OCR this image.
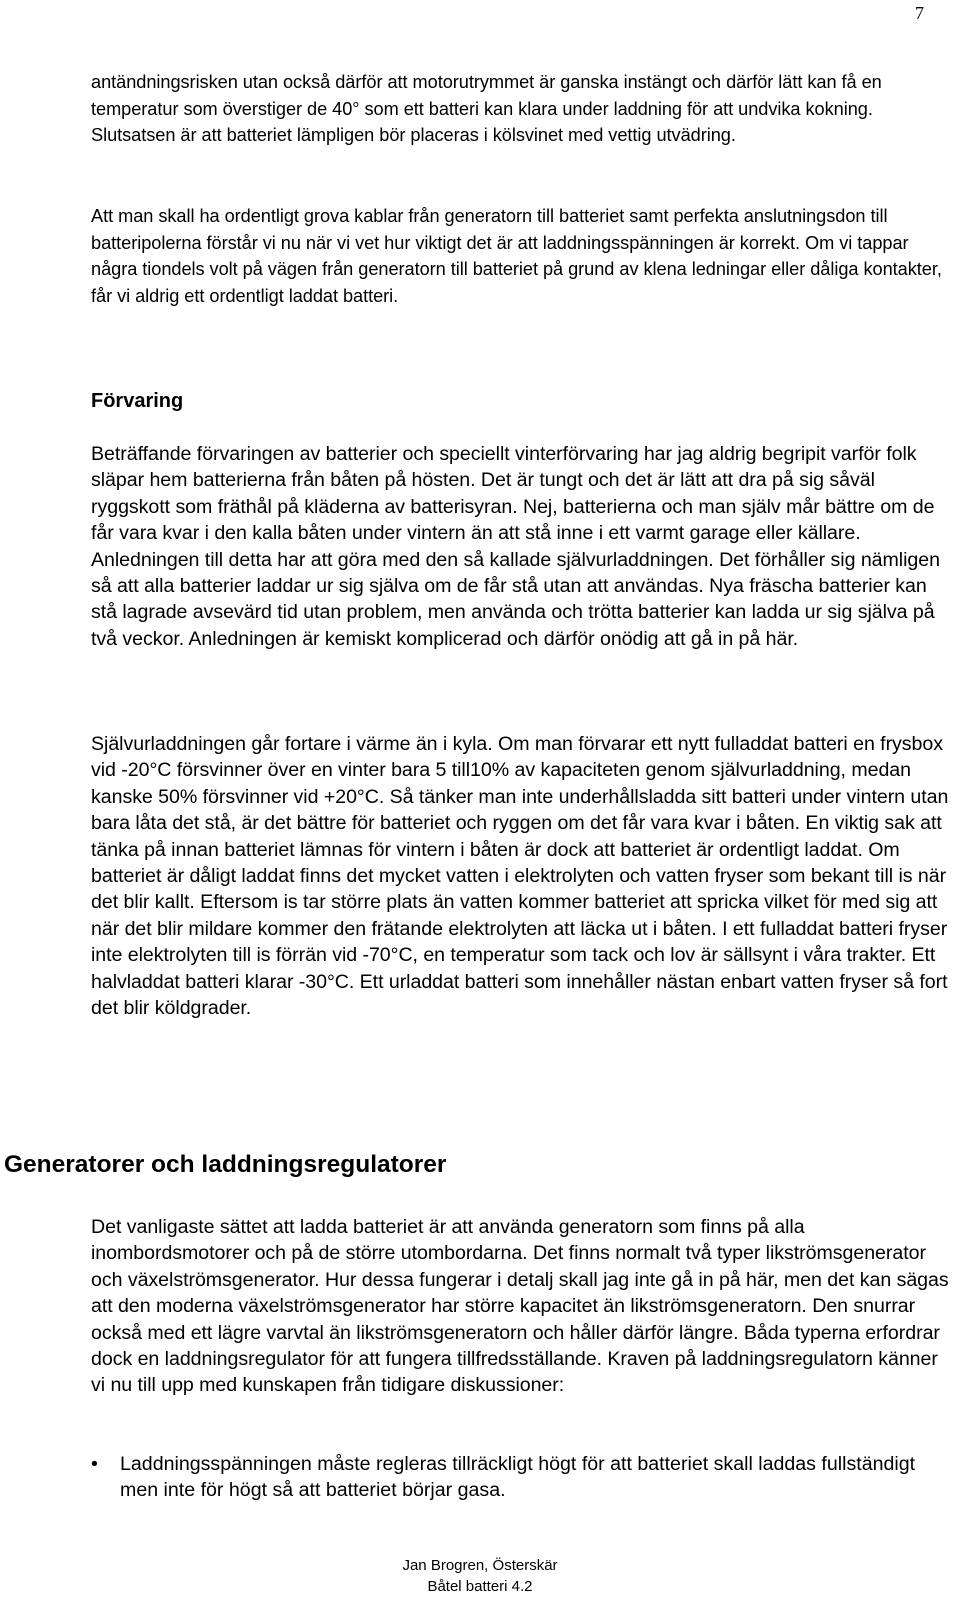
7

antändningsrisken utan också därför att motorutrymmet är ganska instängt och därför lätt kan få en temperatur som överstiger de 40° som ett batteri kan klara under laddning för att undvika kokning. Slutsatsen är att batteriet lämpligen bör placeras i kölsvinet med vettig utvädring.

Att man skall ha ordentligt grova kablar från generatorn till batteriet samt perfekta anslutningsdon till batteripolerna förstår vi nu när vi vet hur viktigt det är att laddningsspänningen är korrekt. Om vi tappar några tiondels volt på vägen från generatorn till batteriet på grund av klena ledningar eller dåliga kontakter, får vi aldrig ett ordentligt laddat batteri.

Förvaring

Beträffande förvaringen av batterier och speciellt vinterförvaring har jag aldrig begripit varför folk släpar hem batterierna från båten på hösten. Det är tungt och det är lätt att dra på sig såväl ryggskott som fräthål på kläderna av batterisyran. Nej, batterierna och man själv mår bättre om de får vara kvar i den kalla båten under vintern än att stå inne i ett varmt garage eller källare. Anledningen till detta har att göra med den så kallade självurladdningen. Det förhåller sig nämligen så att alla batterier laddar ur sig själva om de får stå utan att användas. Nya fräscha batterier kan stå lagrade avsevärd tid utan problem, men använda och trötta batterier kan ladda ur sig själva på två veckor. Anledningen är kemiskt komplicerad och därför onödig att gå in på här.

Självurladdningen går fortare i värme än i kyla. Om man förvarar ett nytt fulladdat batteri en frysbox vid -20°C försvinner över en vinter bara 5 till10% av kapaciteten genom självurladdning, medan kanske 50% försvinner vid +20°C. Så tänker man inte underhållsladda sitt batteri under vintern utan bara låta det stå, är det bättre för batteriet och ryggen om det får vara kvar i båten. En viktig sak att tänka på innan batteriet lämnas för vintern i båten är dock att batteriet är ordentligt laddat. Om batteriet är dåligt laddat finns det mycket vatten i elektrolyten och vatten fryser som bekant till is när det blir kallt. Eftersom is tar större plats än vatten kommer batteriet att spricka vilket för med sig att när det blir mildare kommer den frätande elektrolyten att läcka ut i båten. I ett fulladdat batteri fryser inte elektrolyten till is förrän vid -70°C, en temperatur som tack och lov är sällsynt i våra trakter. Ett halvladdat batteri klarar -30°C. Ett urladdat batteri som innehåller nästan enbart vatten fryser så fort det blir köldgrader.

Generatorer och laddningsregulatorer

Det vanligaste sättet att ladda batteriet är att använda generatorn som finns på alla inombordsmotorer och på de större utombordarna. Det finns normalt två typer likströmsgenerator och växelströmsgenerator. Hur dessa fungerar i detalj skall jag inte gå in på här, men det kan sägas att den moderna växelströmsgenerator har större kapacitet än likströmsgeneratorn. Den snurrar också med ett lägre varvtal än likströmsgeneratorn och håller därför längre. Båda typerna erfordrar dock en laddningsregulator för att fungera tillfredsställande. Kraven på laddningsregulatorn känner vi nu till upp med kunskapen från tidigare diskussioner:

• Laddningsspänningen måste regleras tillräckligt högt för att batteriet skall laddas fullständigt men inte för högt så att batteriet börjar gasa.
Jan Brogren, Österskär
Båtel batteri 4.2
